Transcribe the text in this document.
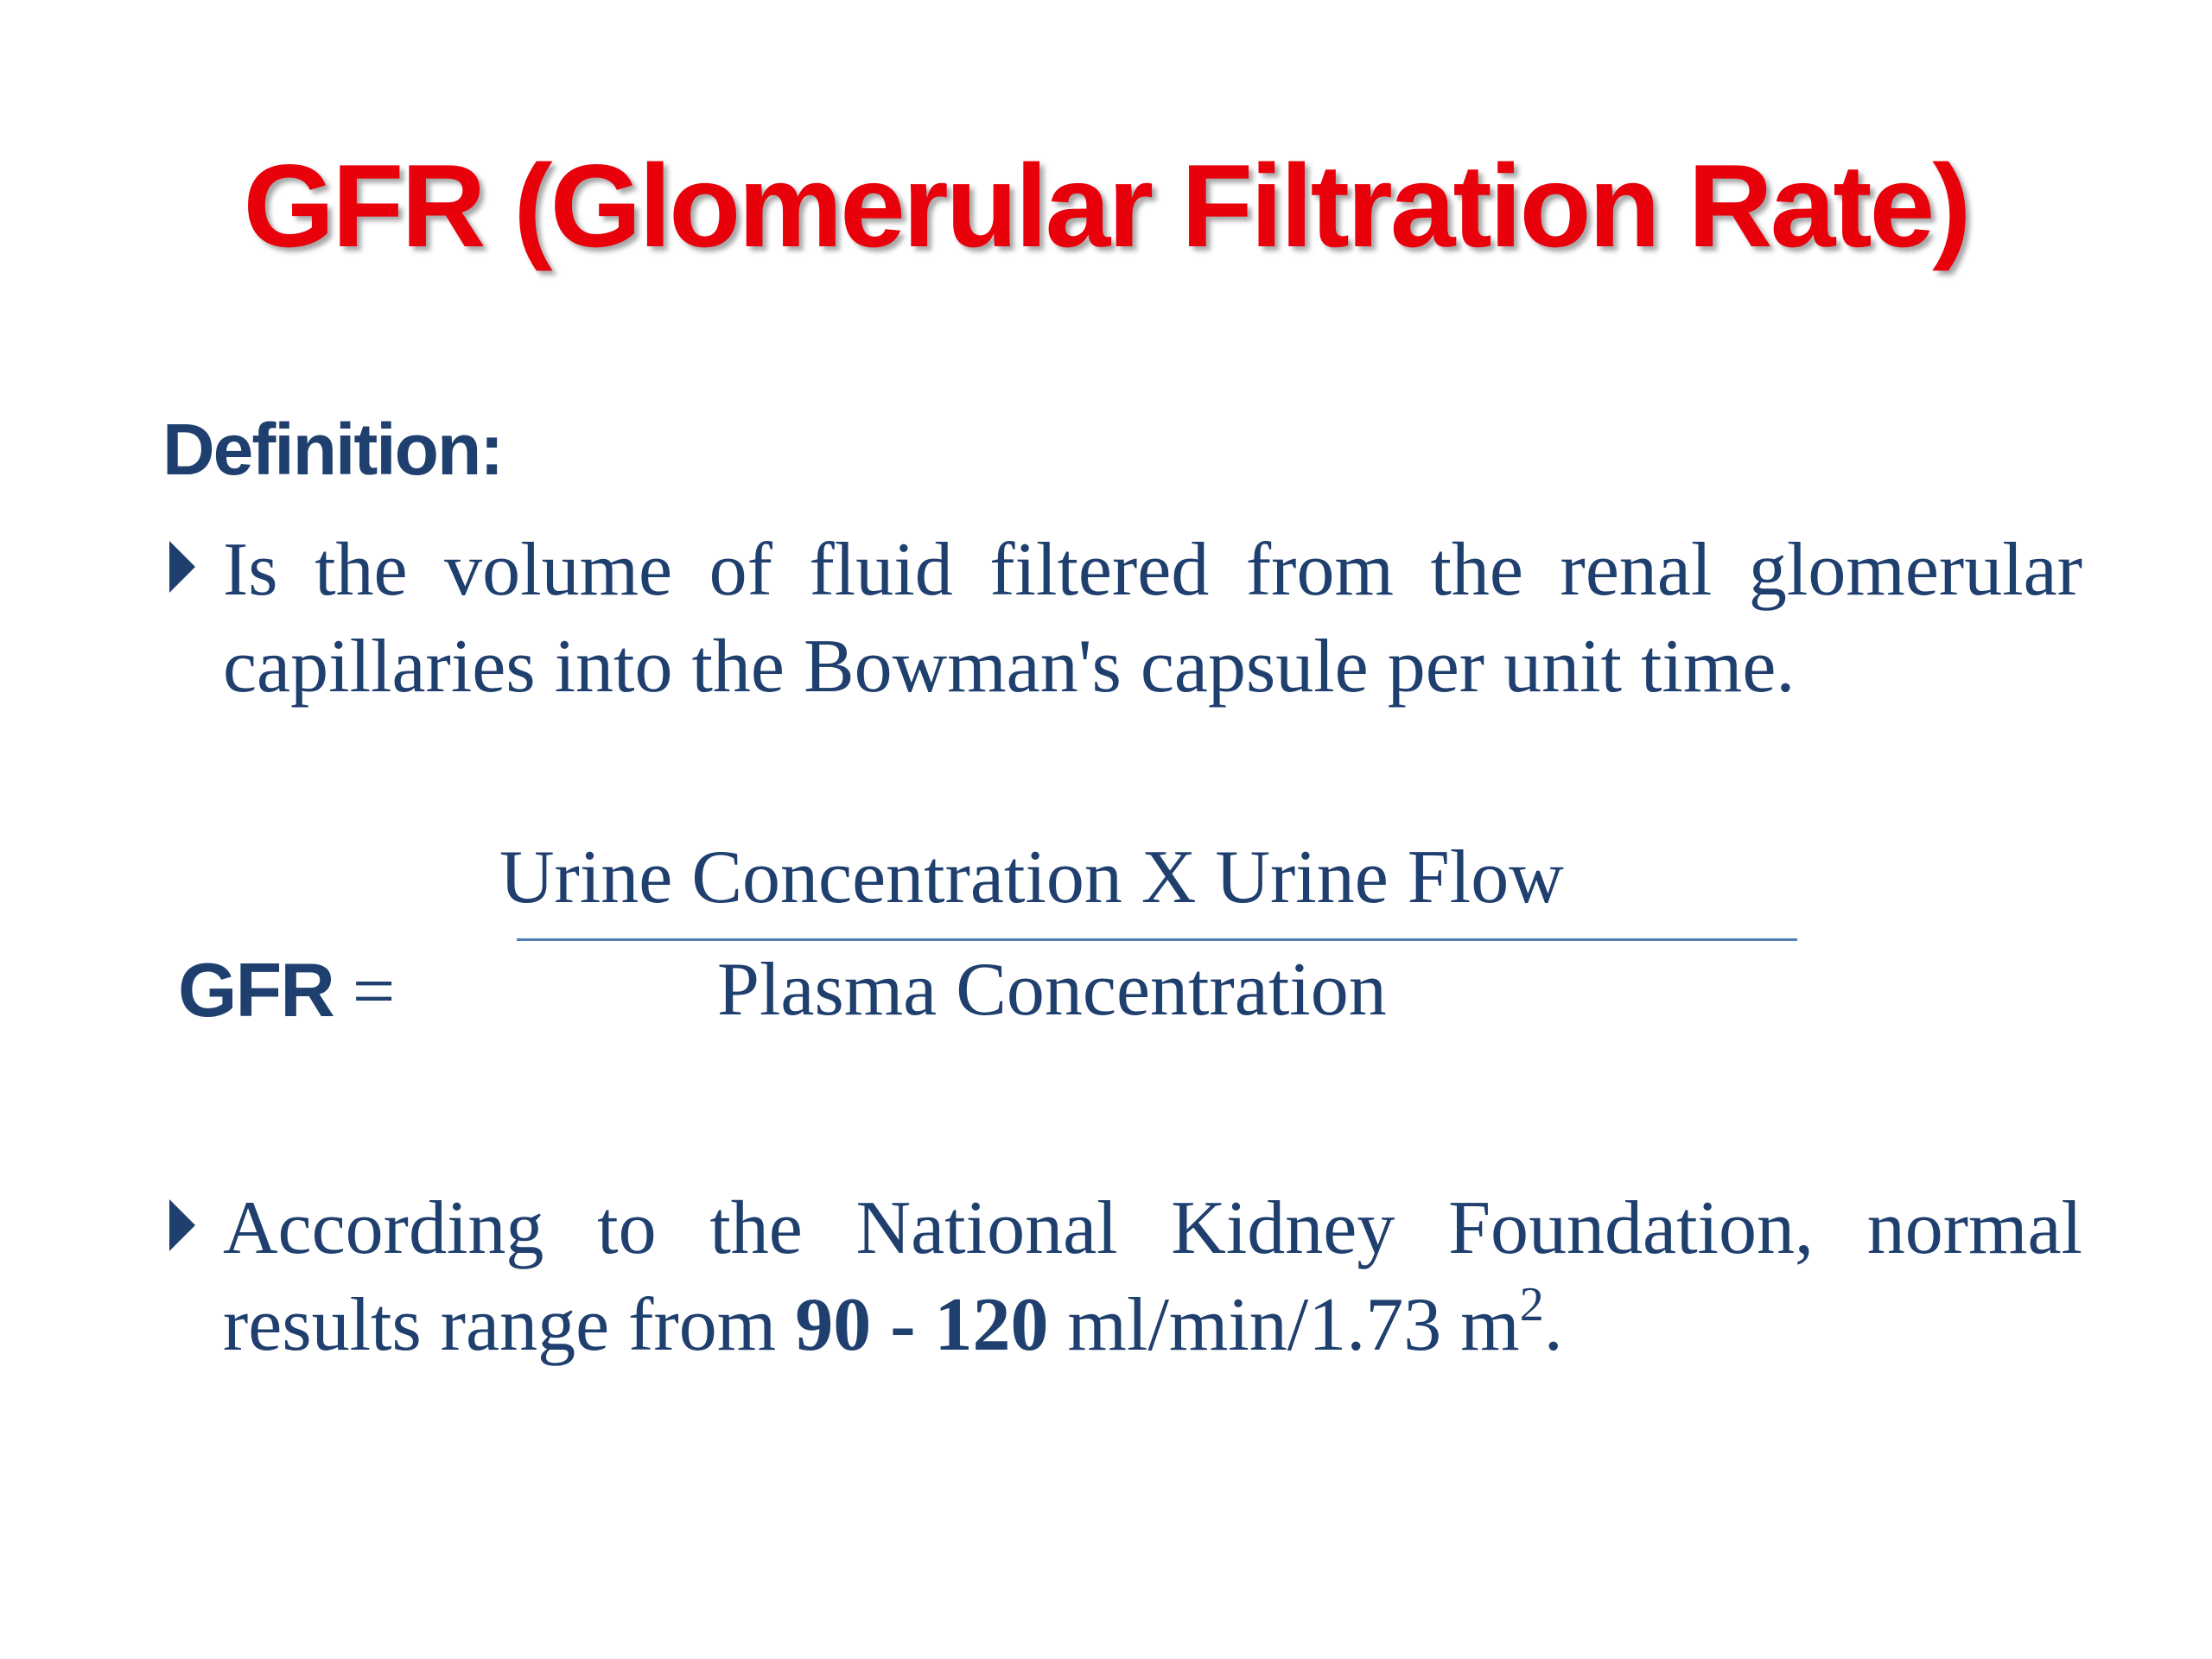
GFR (Glomerular Filtration Rate)
Definition:
Is the volume of fluid filtered from the renal glomerular capillaries into the Bowman's capsule per unit time.
Urine Concentration X Urine Flow
GFR =	Plasma Concentration
According to the National Kidney Foundation, normal results range from 90 - 120 ml/min/1.73 $m^2$.
